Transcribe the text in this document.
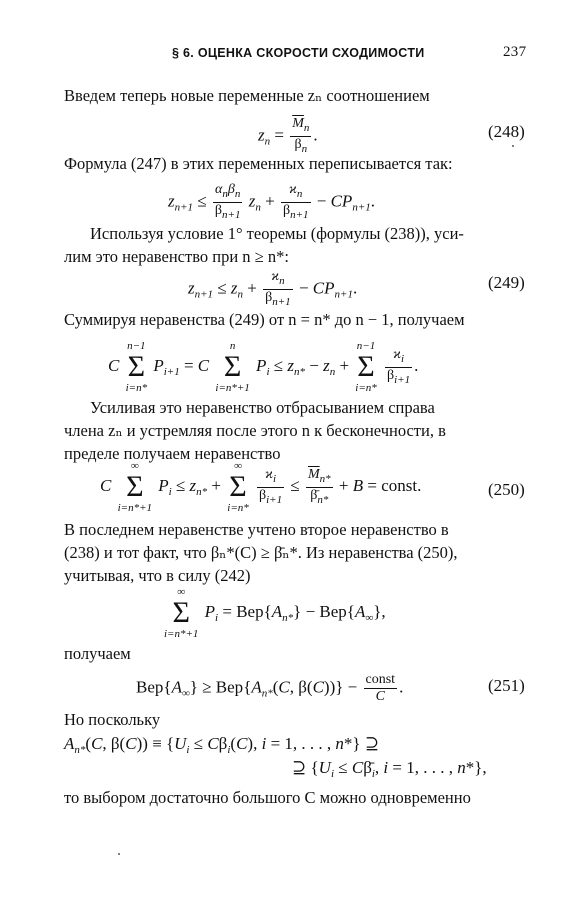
§ 6. ОЦЕНКА СКОРОСТИ СХОДИМОСТИ	237
Введем теперь новые переменные zₙ соотношением
$z_n = \frac{\overline{M}_n}{\beta_n}$ .	(248)
Формула (247) в этих переменных переписывается так:
$z_{n+1} \le \frac{\alpha_n\beta_n}{\beta_{n+1}} z_n + \frac{ϰ_n}{\beta_{n+1}} - CP_{n+1}$.
Используя условие 1° теоремы (формулы (238)), уси-
лим это неравенство при n ≥ n*:
$z_{n+1} \le z_n + \frac{ϰ_n}{\beta_{n+1}} - CP_{n+1}$.	(249)
Суммируя неравенства (249) от n = n* до n − 1, получаем
C n−1
Σ
i=n* $P_{i+1} = C$ n
Σ
i=n*+1 $P_i \le z_{n*} - z_n + n-1$
Σ
i=n*
$\frac{ϰ_i}{\beta_{i+1}}$ .
Усиливая это неравенство отбрасыванием справа
члена zₙ и устремляя после этого n к бесконечности, в
пределе получаем неравенство
C ∞
Σ
i=n*+1 $P_i \le z_{n*}$ + ∞
Σ
i=n*
$\frac{ϰ_i}{\beta_{i+1}} \le \frac{\overline{M}_{n*}}{\betā_{n*}} + B$ = const.	(250)
В последнем неравенстве учтено второе неравенство в
(238) и тот факт, что βₙ*(C) ≥ β̄ₙ*. Из неравенства (250),
учитывая, что в силу (242)
∞
Σ
i=n*+1 $P_i = Вер\{A_{n*}\} - Вер\{A_\infty\}$,
получаем
$Вер\{A_\infty\} \ge Вер\{A_{n*}(C$, $\beta(C))\} - \frac{\text{const}}{C}$ .	(251)
Но поскольку
$A_{n*}(C$, $\beta(C)) \equiv \{U_i \le C\beta_i(C)$, i = 1, . . . , n*} ⊇
⊇ {$U_i$ ≤ $C\betā_i$, i = 1, . . . , n*},
то выбором достаточно большого C можно одновременно
